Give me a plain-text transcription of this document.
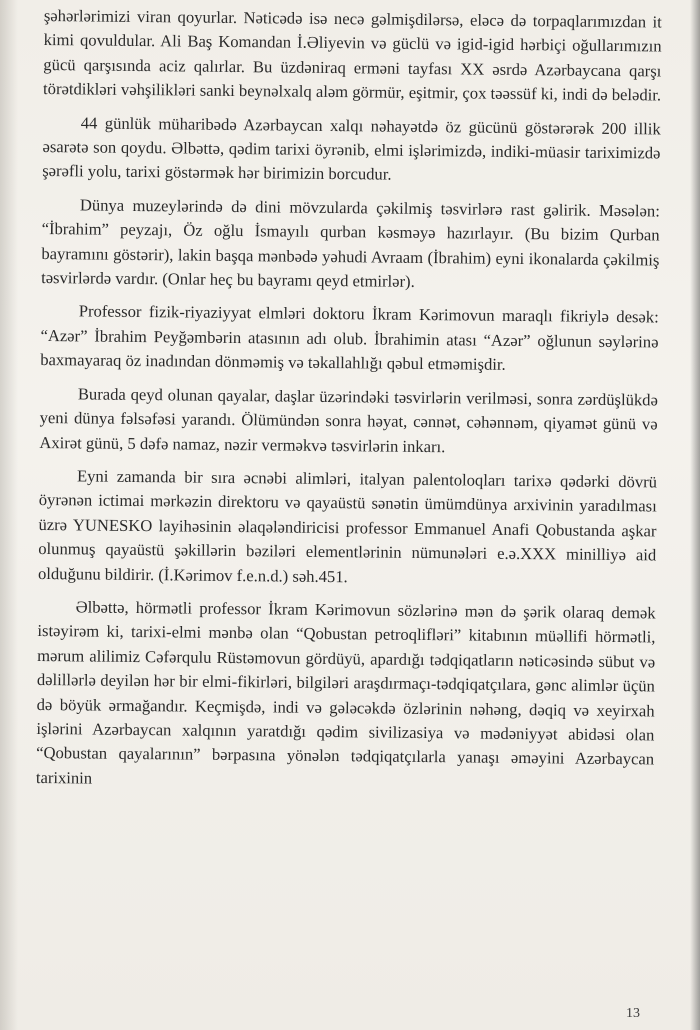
şəhərlərimizi viran qoyurlar. Nəticədə isə necə gəlmişdilərsə, eləcə də torpaqlarımızdan it kimi qovuldular. Ali Baş Komandan İ.Əliyevin və güclü və igid-igid hərbiçi oğullarımızın gücü qarşısında aciz qalırlar. Bu üzdəniraq erməni tayfası XX əsrdə Azərbaycana qarşı törətdikləri vəhşilikləri sanki beynəlxalq aləm görmür, eşitmir, çox təəssüf ki, indi də belədir.

44 günlük müharibədə Azərbaycan xalqı nəhayətdə öz gücünü göstərərək 200 illik əsarətə son qoydu. Əlbəttə, qədim tarixi öyrənib, elmi işlərimizdə, indiki-müasir tariximizdə şərəfli yolu, tarixi göstərmək hər birimizin borcudur.

Dünya muzeylərində də dini mövzularda çəkilmiş təsvirlərə rast gəlirik. Məsələn: “İbrahim” peyzajı, Öz oğlu İsmayılı qurban kəsməyə hazırlayır. (Bu bizim Qurban bayramını göstərir), lakin başqa mənbədə yəhudi Avraam (İbrahim) eyni ikonalarda çəkilmiş təsvirlərdə vardır. (Onlar heç bu bayramı qeyd etmirlər).

Professor fizik-riyaziyyat elmləri doktoru İkram Kərimovun maraqlı fikriylə desək: “Azər” İbrahim Peyğəmbərin atasının adı olub. İbrahimin atası “Azər” oğlunun səylərinə baxmayaraq öz inadından dönməmiş və təkallahlığı qəbul etməmişdir.

Burada qeyd olunan qayalar, daşlar üzərindəki təsvirlərin verilməsi, sonra zərdüşlükdə yeni dünya fəlsəfəsi yarandı. Ölümündən sonra həyat, cənnət, cəhənnəm, qiyamət günü və Axirət günü, 5 dəfə namaz, nəzir verməkvə təsvirlərin inkarı.

Eyni zamanda bir sıra əcnəbi alimləri, italyan palentoloqları tarixə qədərki dövrü öyrənən ictimai mərkəzin direktoru və qayaüstü sənətin ümümdünya arxivinin yaradılması üzrə YUNESKO layihəsinin əlaqələndiricisi professor Emmanuel Anafi Qobustanda aşkar olunmuş qayaüstü şəkillərin bəziləri elementlərinin nümunələri e.ə.XXX minilliyə aid olduğunu bildirir. (İ.Kərimov f.e.n.d.) səh.451.

Əlbəttə, hörmətli professor İkram Kərimovun sözlərinə mən də şərik olaraq demək istəyirəm ki, tarixi-elmi mənbə olan “Qobustan petroqlifləri” kitabının müəllifi hörmətli, mərum alilimiz Cəfərqulu Rüstəmovun gördüyü, apardığı tədqiqatların nəticəsində sübut və dəlillərlə deyilən hər bir elmi-fikirləri, bilgiləri araşdırmaçı-tədqiqatçılara, gənc alimlər üçün də böyük ərmağandır. Keçmişdə, indi və gələcəkdə özlərinin nəhəng, dəqiq və xeyirxah işlərini Azərbaycan xalqının yaratdığı qədim sivilizasiya və mədəniyyət abidəsi olan “Qobustan qayalarının” bərpasına yönələn tədqiqatçılarla yanaşı əməyini Azərbaycan tarixinin

13
